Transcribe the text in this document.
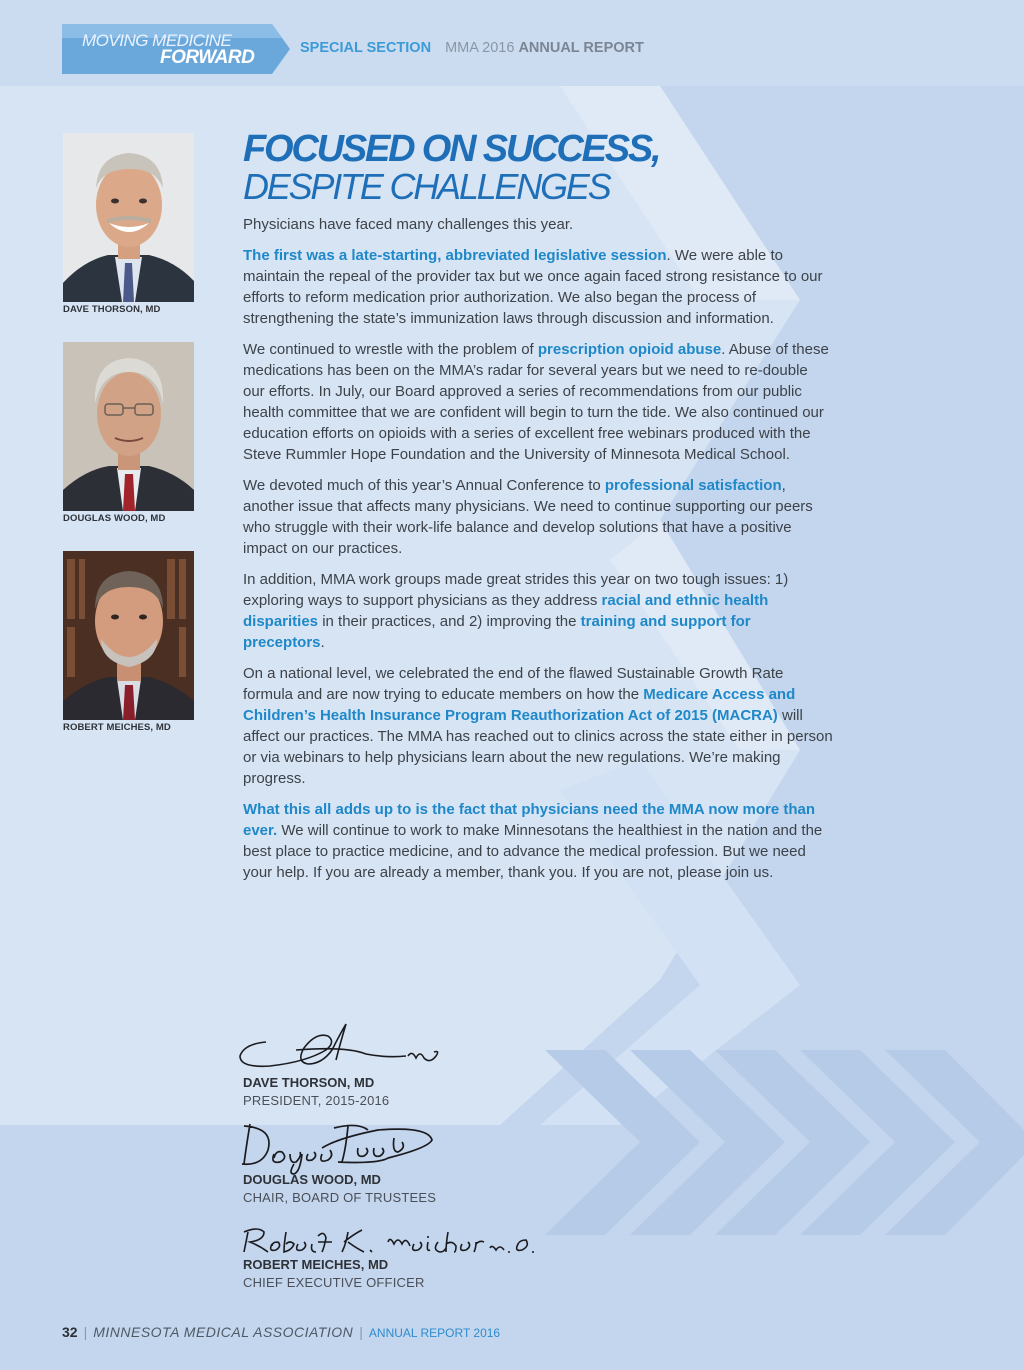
MOVING MEDICINE
FORWARD	SPECIAL SECTION MMA 2016 ANNUAL REPORT
DAVE THORSON, MD
DOUGLAS WOOD, MD
ROBERT MEICHES, MD
FOCUSED ON SUCCESS,
DESPITE CHALLENGES

Physicians have faced many challenges this year.

The first was a late-starting, abbreviated legislative session. We were able to maintain the repeal of the provider tax but we once again faced strong resistance to our efforts to reform medication prior authorization. We also began the process of strengthening the state’s immunization laws through discussion and information.

We continued to wrestle with the problem of prescription opioid abuse. Abuse of these medications has been on the MMA’s radar for several years but we need to re-double our efforts. In July, our Board approved a series of recommendations from our public health committee that we are confident will begin to turn the tide. We also continued our education efforts on opioids with a series of excellent free webinars produced with the Steve Rummler Hope Foundation and the University of Minnesota Medical School.

We devoted much of this year’s Annual Conference to professional satisfaction, another issue that affects many physicians. We need to continue supporting our peers who struggle with their work-life balance and develop solutions that have a positive impact on our practices.

In addition, MMA work groups made great strides this year on two tough issues: 1) exploring ways to support physicians as they address racial and ethnic health disparities in their practices, and 2) improving the training and support for preceptors.

On a national level, we celebrated the end of the flawed Sustainable Growth Rate formula and are now trying to educate members on how the Medicare Access and Children’s Health Insurance Program Reauthorization Act of 2015 (MACRA) will affect our practices. The MMA has reached out to clinics across the state either in person or via webinars to help physicians learn about the new regulations. We’re making progress.

What this all adds up to is the fact that physicians need the MMA now more than ever. We will continue to work to make Minnesotans the healthiest in the nation and the best place to practice medicine, and to advance the medical profession. But we need your help. If you are already a member, thank you. If you are not, please join us.

DAVE THORSON, MD
PRESIDENT, 2015-2016
DOUGLAS WOOD, MD
CHAIR, BOARD OF TRUSTEES
ROBERT MEICHES, MD
CHIEF EXECUTIVE OFFICER
32 | MINNESOTA MEDICAL ASSOCIATION | ANNUAL REPORT 2016
